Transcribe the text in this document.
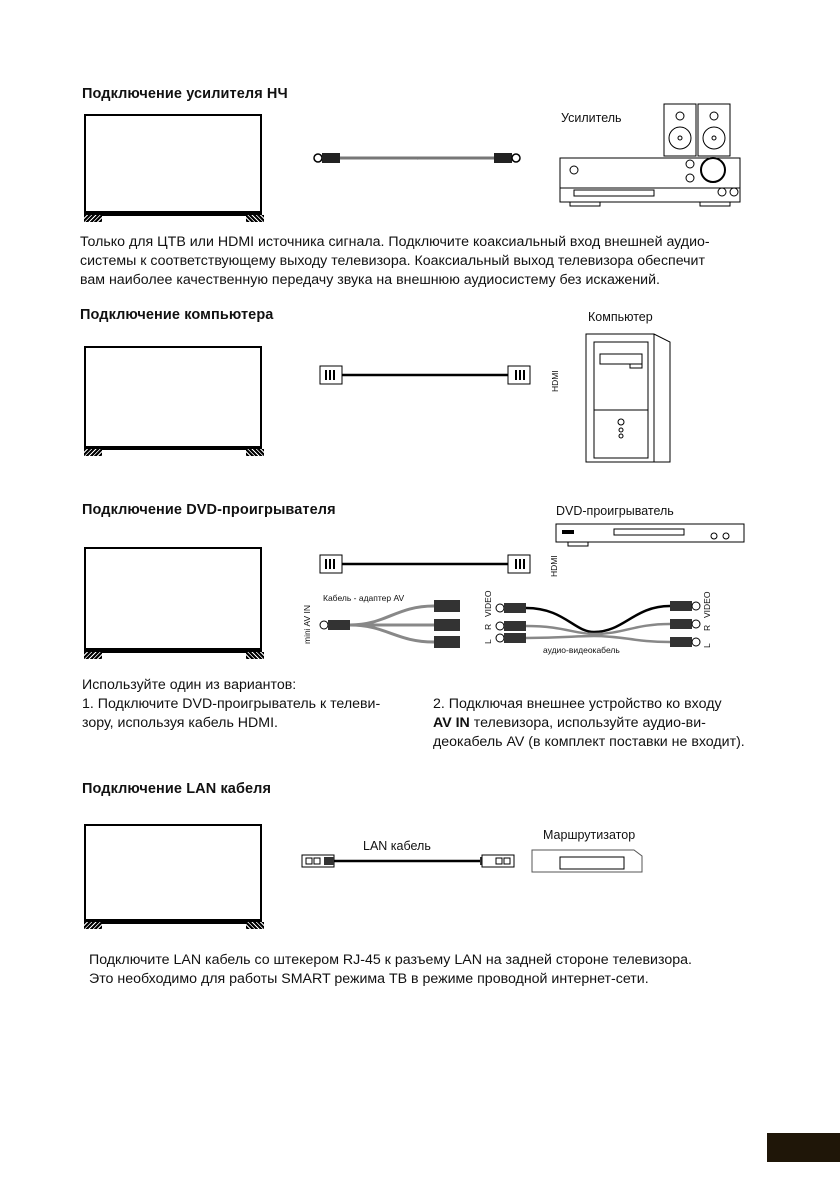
Подключение усилителя НЧ
~
Усилитель
Только для ЦТВ или HDMI источника сигнала. Подключите коаксиальный вход внешней аудио-
системы к соответствующему выходу телевизора. Коаксиальный выход телевизора обеспечит
вам наиболее качественную передачу звука на внешнюю аудиосистему без искажений.
Подключение компьютера
HDMI
Компьютер
Подключение DVD-проигрывателя	DVD-проигрыватель
HDMI
Кабель - адаптер AV
mini AV IN	L
R
VIDEO
L
R
VIDEO
аудио-видеокабель
Используйте один из вариантов:
1. Подключите DVD-проигрыватель к телеви-
зору, используя кабель HDMI.
2. Подключая внешнее устройство ко входу
AV IN телевизора, используйте аудио-ви-
деокабель AV (в комплект поставки не входит).
Подключение LAN кабеля
LAN кабель
Маршрутизатор
Подключите LAN кабель со штекером RJ-45 к разъему LAN на задней стороне телевизора.
Это необходимо для работы SMART режима ТВ в режиме проводной интернет-сети.
